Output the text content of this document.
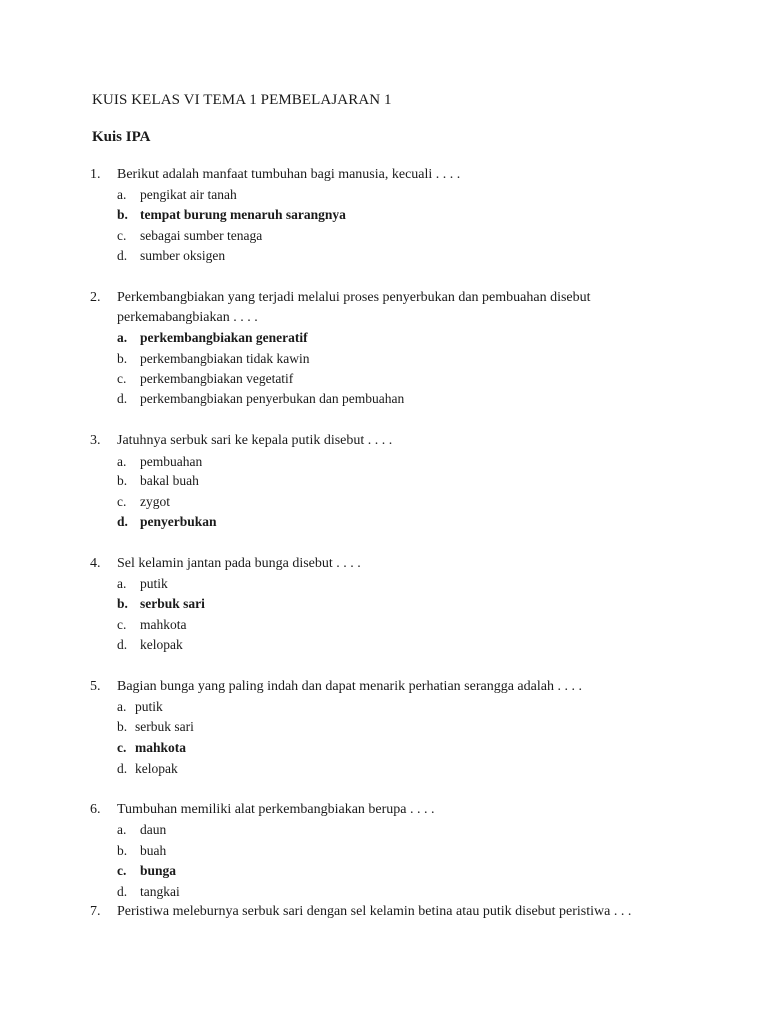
KUIS KELAS VI TEMA 1 PEMBELAJARAN 1
Kuis IPA
1. Berikut adalah manfaat tumbuhan bagi manusia, kecuali . . . .
a. pengikat air tanah
b. tempat burung menaruh sarangnya
c. sebagai sumber tenaga
d. sumber oksigen
2. Perkembangbiakan yang terjadi melalui proses penyerbukan dan pembuahan disebut
perkemabangbiakan . . . .
a. perkembangbiakan generatif
b. perkembangbiakan tidak kawin
c. perkembangbiakan vegetatif
d. perkembangbiakan penyerbukan dan pembuahan
3. Jatuhnya serbuk sari ke kepala putik disebut . . . .
a. pembuahan
b. bakal buah
c. zygot
d. penyerbukan
4. Sel kelamin jantan pada bunga disebut . . . .
a. putik
b. serbuk sari
c. mahkota
d. kelopak
5. Bagian bunga yang paling indah dan dapat menarik perhatian serangga adalah . . . .
a. putik
b. serbuk sari
c. mahkota
d. kelopak
6. Tumbuhan memiliki alat perkembangbiakan berupa . . . .
a. daun
b. buah
c. bunga
d. tangkai
7. Peristiwa meleburnya serbuk sari dengan sel kelamin betina atau putik disebut peristiwa . . .
